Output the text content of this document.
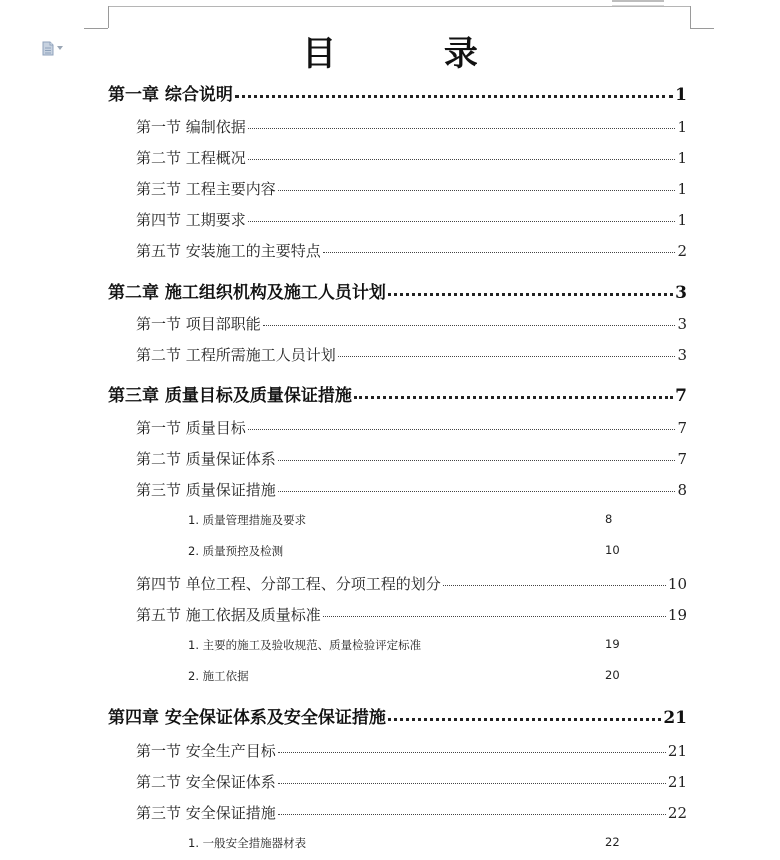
目 录
第一章 综合说明	1
第一节 编制依据	1
第二节 工程概况	1
第三节 工程主要内容	1
第四节 工期要求	1
第五节 安装施工的主要特点	2
第二章 施工组织机构及施工人员计划	3
第一节 项目部职能	3
第二节 工程所需施工人员计划	3
第三章 质量目标及质量保证措施	7
第一节 质量目标	7
第二节 质量保证体系	7
第三节 质量保证措施	8
1. 质量管理措施及要求	8
2. 质量预控及检测	10
第四节 单位工程、分部工程、分项工程的划分	10
第五节 施工依据及质量标准	19
1. 主要的施工及验收规范、质量检验评定标准	19
2. 施工依据	20
第四章 安全保证体系及安全保证措施	21
第一节 安全生产目标	21
第二节 安全保证体系	21
第三节 安全保证措施	22
1. 一般安全措施器材表	22
